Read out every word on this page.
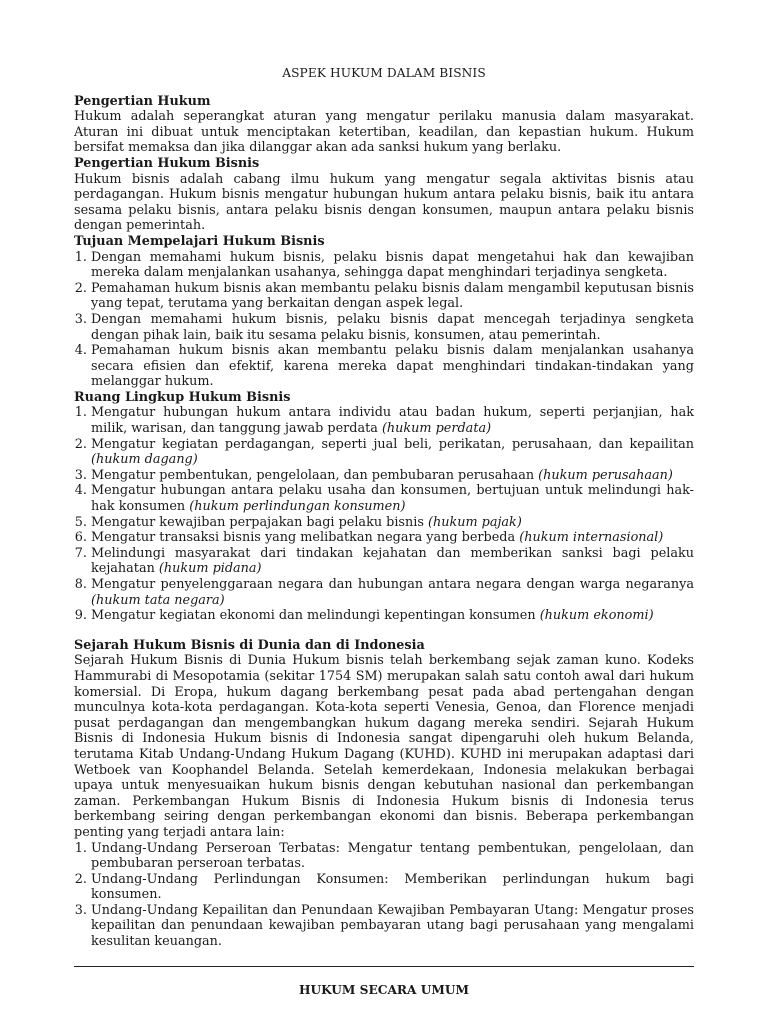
ASPEK HUKUM DALAM BISNIS
Pengertian Hukum

Hukum adalah seperangkat aturan yang mengatur perilaku manusia dalam masyarakat. Aturan ini dibuat untuk menciptakan ketertiban, keadilan, dan kepastian hukum. Hukum bersifat memaksa dan jika dilanggar akan ada sanksi hukum yang berlaku.

Pengertian Hukum Bisnis

Hukum bisnis adalah cabang ilmu hukum yang mengatur segala aktivitas bisnis atau perdagangan. Hukum bisnis mengatur hubungan hukum antara pelaku bisnis, baik itu antara sesama pelaku bisnis, antara pelaku bisnis dengan konsumen, maupun antara pelaku bisnis dengan pemerintah.

Tujuan Mempelajari Hukum Bisnis
1. Dengan memahami hukum bisnis, pelaku bisnis dapat mengetahui hak dan kewajiban mereka dalam menjalankan usahanya, sehingga dapat menghindari terjadinya sengketa.
2. Pemahaman hukum bisnis akan membantu pelaku bisnis dalam mengambil keputusan bisnis yang tepat, terutama yang berkaitan dengan aspek legal.
3. Dengan memahami hukum bisnis, pelaku bisnis dapat mencegah terjadinya sengketa dengan pihak lain, baik itu sesama pelaku bisnis, konsumen, atau pemerintah.
4. Pemahaman hukum bisnis akan membantu pelaku bisnis dalam menjalankan usahanya secara efisien dan efektif, karena mereka dapat menghindari tindakan-tindakan yang melanggar hukum.
Ruang Lingkup Hukum Bisnis
1. Mengatur hubungan hukum antara individu atau badan hukum, seperti perjanjian, hak milik, warisan, dan tanggung jawab perdata (hukum perdata)
2. Mengatur kegiatan perdagangan, seperti jual beli, perikatan, perusahaan, dan kepailitan (hukum dagang)
3. Mengatur pembentukan, pengelolaan, dan pembubaran perusahaan (hukum perusahaan)
4. Mengatur hubungan antara pelaku usaha dan konsumen, bertujuan untuk melindungi hak-hak konsumen (hukum perlindungan konsumen)
5. Mengatur kewajiban perpajakan bagi pelaku bisnis (hukum pajak)
6. Mengatur transaksi bisnis yang melibatkan negara yang berbeda (hukum internasional)
7. Melindungi masyarakat dari tindakan kejahatan dan memberikan sanksi bagi pelaku kejahatan (hukum pidana)
8. Mengatur penyelenggaraan negara dan hubungan antara negara dengan warga negaranya (hukum tata negara)
9. Mengatur kegiatan ekonomi dan melindungi kepentingan konsumen (hukum ekonomi)
Sejarah Hukum Bisnis di Dunia dan di Indonesia

Sejarah Hukum Bisnis di Dunia Hukum bisnis telah berkembang sejak zaman kuno. Kodeks Hammurabi di Mesopotamia (sekitar 1754 SM) merupakan salah satu contoh awal dari hukum komersial. Di Eropa, hukum dagang berkembang pesat pada abad pertengahan dengan munculnya kota-kota perdagangan. Kota-kota seperti Venesia, Genoa, dan Florence menjadi pusat perdagangan dan mengembangkan hukum dagang mereka sendiri. Sejarah Hukum Bisnis di Indonesia Hukum bisnis di Indonesia sangat dipengaruhi oleh hukum Belanda, terutama Kitab Undang-Undang Hukum Dagang (KUHD). KUHD ini merupakan adaptasi dari Wetboek van Koophandel Belanda. Setelah kemerdekaan, Indonesia melakukan berbagai upaya untuk menyesuaikan hukum bisnis dengan kebutuhan nasional dan perkembangan zaman. Perkembangan Hukum Bisnis di Indonesia Hukum bisnis di Indonesia terus berkembang seiring dengan perkembangan ekonomi dan bisnis. Beberapa perkembangan penting yang terjadi antara lain:

1. Undang-Undang Perseroan Terbatas: Mengatur tentang pembentukan, pengelolaan, dan pembubaran perseroan terbatas.
2. Undang-Undang Perlindungan Konsumen: Memberikan perlindungan hukum bagi konsumen.
3. Undang-Undang Kepailitan dan Penundaan Kewajiban Pembayaran Utang: Mengatur proses kepailitan dan penundaan kewajiban pembayaran utang bagi perusahaan yang mengalami kesulitan keuangan.
HUKUM SECARA UMUM
